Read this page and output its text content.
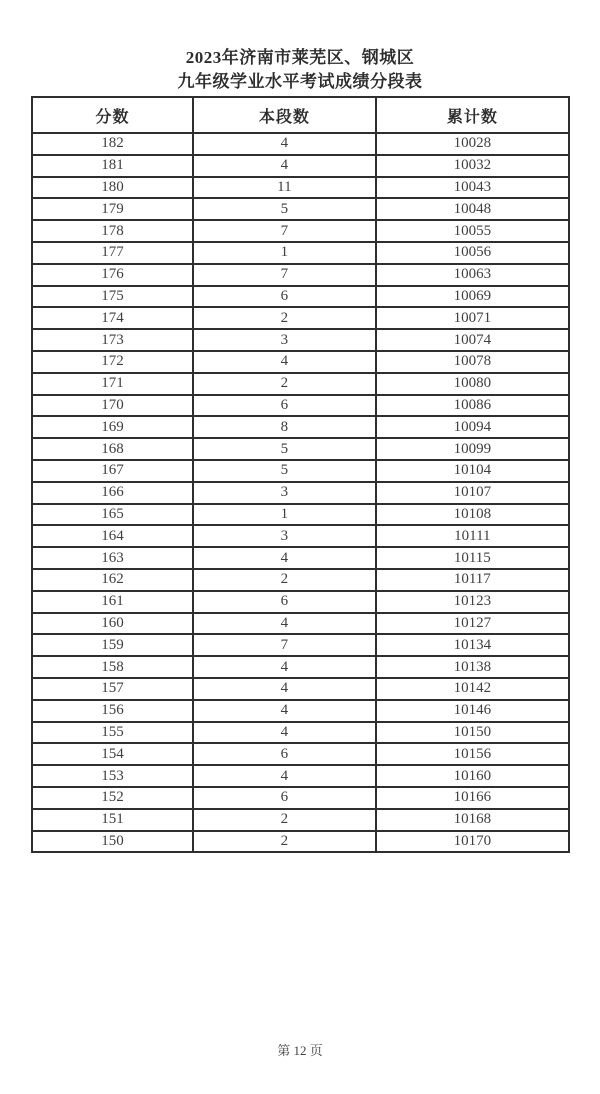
2023年济南市莱芜区、钢城区
九年级学业水平考试成绩分段表
分数	本段数	累计数
182	4	10028
181	4	10032
180	11	10043
179	5	10048
178	7	10055
177	1	10056
176	7	10063
175	6	10069
174	2	10071
173	3	10074
172	4	10078
171	2	10080
170	6	10086
169	8	10094
168	5	10099
167	5	10104
166	3	10107
165	1	10108
164	3	10111
163	4	10115
162	2	10117
161	6	10123
160	4	10127
159	7	10134
158	4	10138
157	4	10142
156	4	10146
155	4	10150
154	6	10156
153	4	10160
152	6	10166
151	2	10168
150	2	10170
第 12 页
